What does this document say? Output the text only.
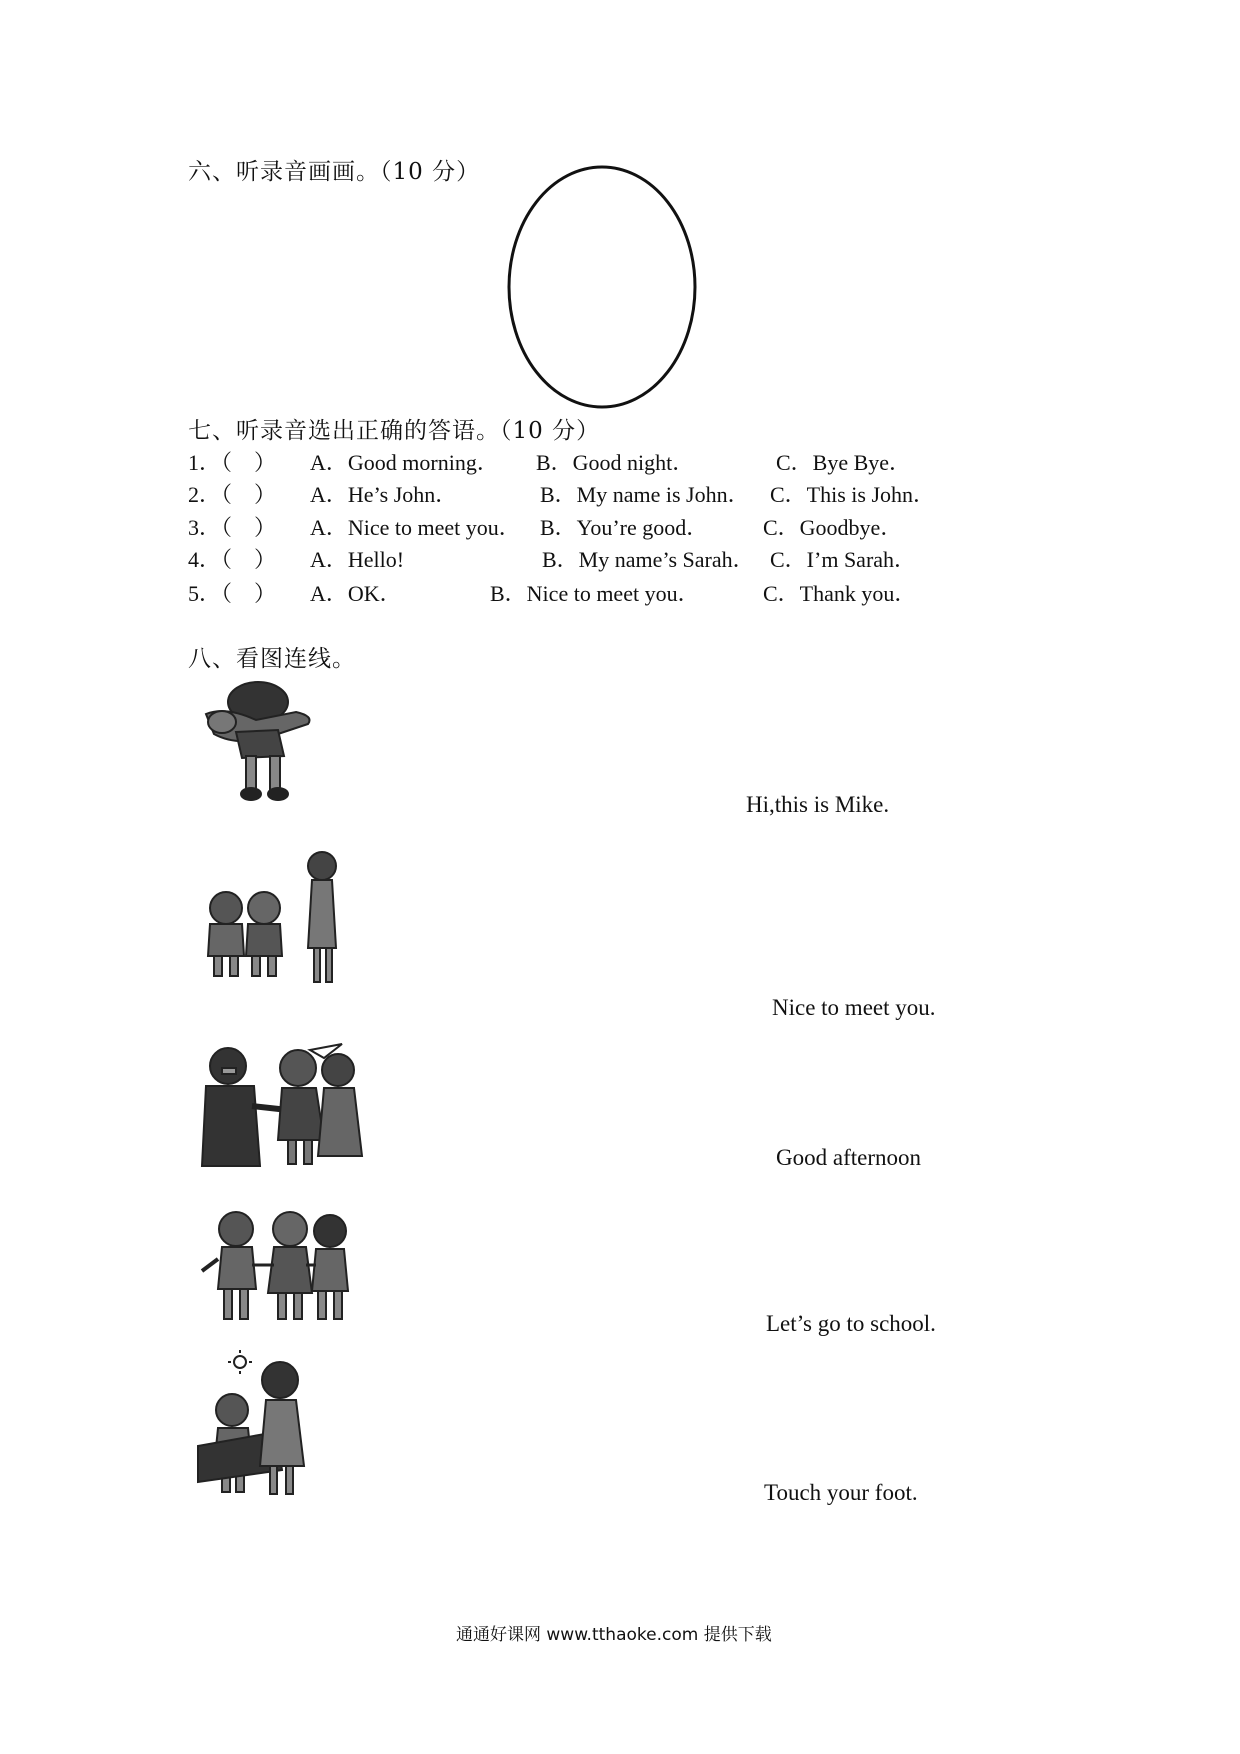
六、听录音画画。（10 分）
七、听录音选出正确的答语。（10 分）
1．（　） A．Good morning． B．Good night．	C．Bye Bye．
2．（　） A．He’s John．	B．My name is John． C．This is John．
3．（　） A．Nice to meet you． B．You’re good． C．Goodbye．
4．（　） A．Hello!	B．My name’s Sarah． C．I’m Sarah．
5．（　） A．OK．	B．Nice to meet you．	C．Thank you．
八、看图连线。
Hi,this is Mike.
Nice to meet you.
Good afternoon
Let’s go to school.
Touch your foot.
通通好课网 www.tthaoke.com 提供下载
